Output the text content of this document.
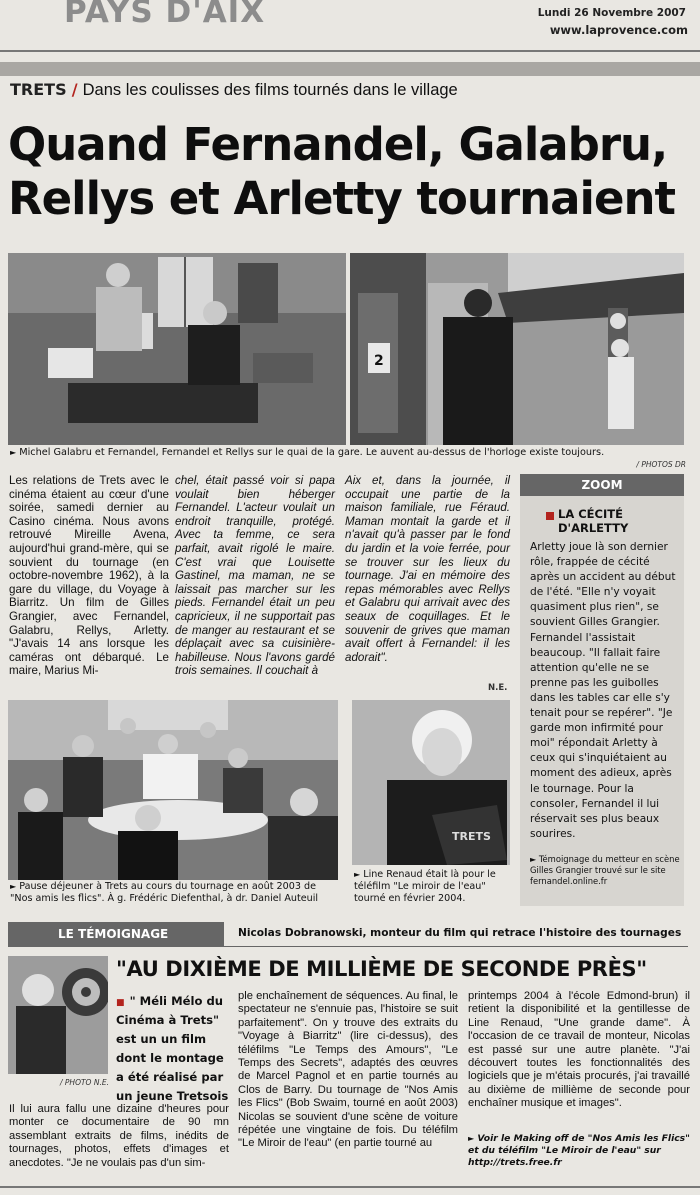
PAYS D'AIX	Lundi 26 Novembre 2007
www.laprovence.com
TRETS / Dans les coulisses des films tournés dans le village
Quand Fernandel, Galabru,
Rellys et Arletty tournaient
2
► Michel Galabru et Fernandel, Fernandel et Rellys sur le quai de la gare. Le auvent au-dessus de l'horloge existe toujours.
/ PHOTOS DR

Les relations de Trets avec le cinéma étaient au cœur d'une soirée, samedi dernier au Casino cinéma. Nous avons retrouvé Mireille Avena, aujourd'hui grand-mère, qui se souvient du tournage (en octobre-novembre 1962), à la gare du village, du Voyage à Biarritz. Un film de Gilles Grangier, avec Fernandel, Galabru, Rellys, Arletty. "J'avais 14 ans lorsque les caméras ont débarqué. Le maire, Marius Mi-

chel, était passé voir si papa voulait bien héberger Fernandel. L'acteur voulait un endroit tranquille, protégé. Avec ta femme, ce sera parfait, avait rigolé le maire. C'est vrai que Louisette Gastinel, ma maman, ne se laissait pas marcher sur les pieds. Fernandel était un peu capricieux, il ne supportait pas de manger au restaurant et se déplaçait avec sa cuisinière-habilleuse. Nous l'avons gardé trois semaines. Il couchait à

Aix et, dans la journée, il occupait une partie de la maison familiale, rue Féraud. Maman montait la garde et il n'avait qu'à passer par le fond du jardin et la voie ferrée, pour se trouver sur les lieux du tournage. J'ai en mémoire des repas mémorables avec Rellys et Galabru qui arrivait avec des seaux de coquillages. Et le souvenir de grives que maman avait offert à Fernandel: il les adorait".

N.E.
ZOOM
LA CÉCITÉ D'ARLETTY
Arletty joue là son dernier rôle, frappée de cécité après un accident au début de l'été. "Elle n'y voyait quasiment plus rien", se souvient Gilles Grangier. Fernandel l'assistait beaucoup. "Il fallait faire attention qu'elle ne se prenne pas les guibolles dans les tables car elle s'y tenait pour se repérer". "Je garde mon infirmité pour moi" répondait Arletty à ceux qui s'inquiétaient au moment des adieux, après le tournage. Pour la consoler, Fernandel il lui réservait ses plus beaux sourires.
► Témoignage du metteur en scène Gilles Grangier trouvé sur le site fernandel.online.fr
► Pause déjeuner à Trets au cours du tournage en août 2003 de "Nos amis les flics". À g. Frédéric Diefenthal, à dr. Daniel Auteuil
TRETS
► Line Renaud était là pour le téléfilm "Le miroir de l'eau" tourné en février 2004.
LE TÉMOIGNAGE	Nicolas Dobranowski, monteur du film qui retrace l'histoire des tournages
/ PHOTO N.E.
"AU DIXIÈME DE MILLIÈME DE SECONDE PRÈS"
■ " Méli Mélo du Cinéma à Trets" est un un film dont le montage a été réalisé par un jeune Tretsois

Il lui aura fallu une dizaine d'heures pour monter ce documentaire de 90 mn assemblant extraits de films, inédits de tournages, photos, effets d'images et anecdotes. "Je ne voulais pas d'un sim-

ple enchaînement de séquences. Au final, le spectateur ne s'ennuie pas, l'histoire se suit parfaitement". On y trouve des extraits du "Voyage à Biarritz" (lire ci-dessus), des téléfilms "Le Temps des Amours", "Le Temps des Secrets", adaptés des œuvres de Marcel Pagnol et en partie tournés au Clos de Barry. Du tournage de "Nos Amis les Flics" (Bob Swaim, tourné en août 2003) Nicolas se souvient d'une scène de voiture répétée une vingtaine de fois. Du téléfilm "Le Miroir de l'eau" (en partie tourné au

printemps 2004 à l'école Edmond-brun) il retient la disponibilité et la gentillesse de Line Renaud, "Une grande dame". À l'occasion de ce travail de monteur, Nicolas est passé sur une autre planète. "J'ai découvert toutes les fonctionnalités des logiciels que je m'étais procurés, j'ai travaillé au dixième de millième de seconde pour enchaîner musique et images".

► Voir le Making off de "Nos Amis les Flics" et du téléfilm "Le Miroir de l'eau" sur http://trets.free.fr
